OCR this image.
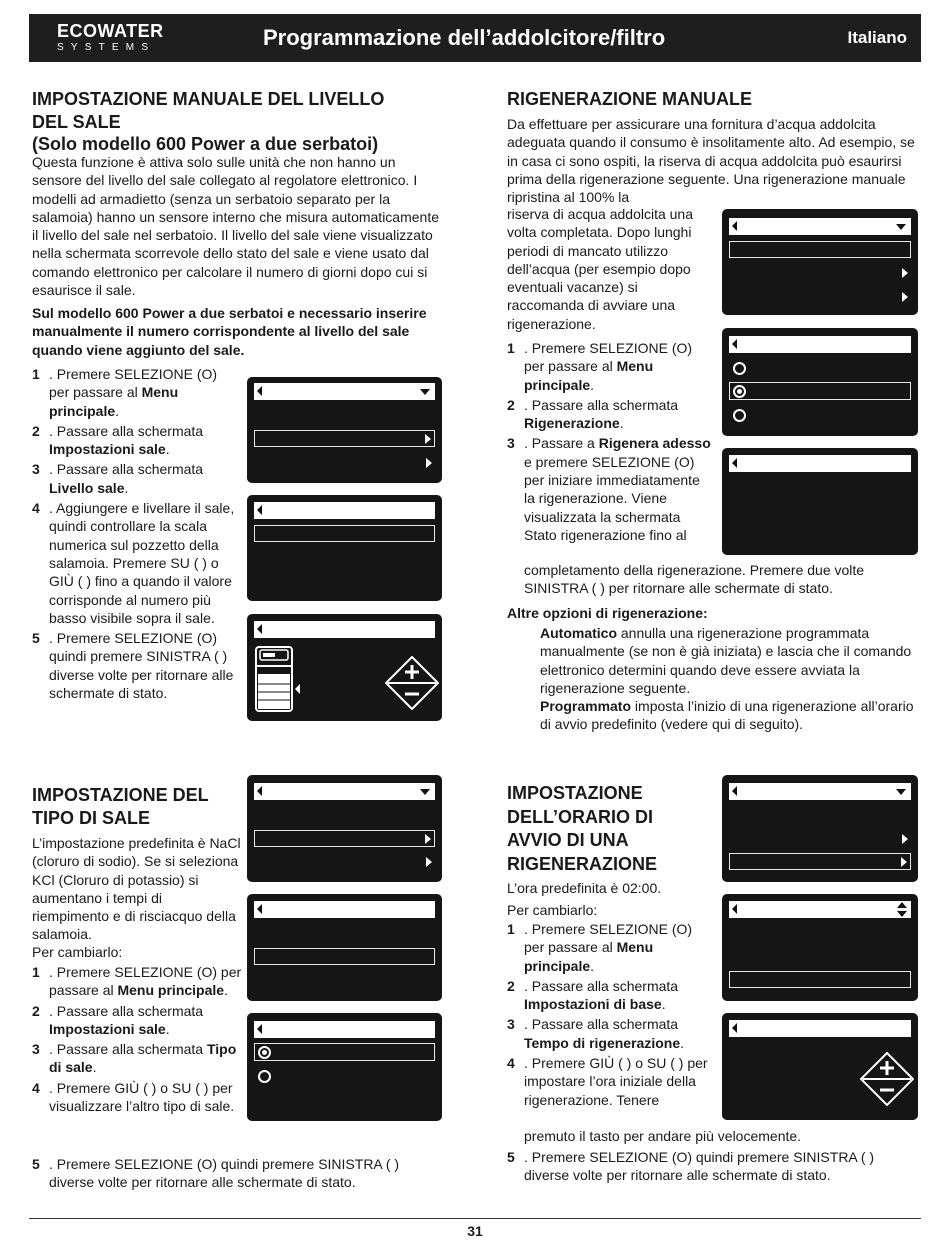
ECOWATER
SYSTEMS	Programmazione dell’addolcitore/filtro	Italiano
IMPOSTAZIONE MANUALE DEL LIVELLO
DEL SALE
(Solo modello 600 Power a due serbatoi)
Questa funzione è attiva solo sulle unità che non hanno un sensore del livello del sale collegato al regolatore elettronico. I modelli ad armadietto (senza un serbatoio separato per la salamoia) hanno un sensore interno che misura automaticamente il livello del sale nel serbatoio. Il livello del sale viene visualizzato nella schermata scorrevole dello stato del sale e viene usato dal comando elettronico per calcolare il numero di giorni dopo cui si esaurisce il sale.
Sul modello 600 Power a due serbatoi e necessario inserire manualmente il numero corrispondente al livello del sale quando viene aggiunto del sale.
1 . Premere SELEZIONE (O) per passare al Menu principale.
2 . Passare alla schermata Impostazioni sale.
3 . Passare alla schermata Livello sale.
4 . Aggiungere e livellare il sale, quindi controllare la scala numerica sul pozzetto della salamoia. Premere SU ( ) o GIÙ ( ) fino a quando il valore corrisponde al numero più basso visibile sopra il sale.
5 . Premere SELEZIONE (O) quindi premere SINISTRA ( ) diverse volte per ritornare alle schermate di stato.
RIGENERAZIONE MANUALE
Da effettuare per assicurare una fornitura d’acqua addolcita adeguata quando il consumo è insolitamente alto. Ad esempio, se in casa ci sono ospiti, la riserva di acqua addolcita può esaurirsi prima della rigenerazione seguente. Una rigenerazione manuale ripristina al 100% la
riserva di acqua addolcita una volta completata. Dopo lunghi periodi di mancato utilizzo dell’acqua (per esempio dopo eventuali vacanze) si raccomanda di avviare una rigenerazione.
1 . Premere SELEZIONE (O) per passare al Menu principale.
2 . Passare alla schermata Rigenerazione.
3 . Passare a Rigenera adesso e premere SELEZIONE (O) per iniziare immediatamente la rigenerazione. Viene visualizzata la schermata Stato rigenerazione fino al
completamento della rigenerazione. Premere due volte SINISTRA ( ) per ritornare alle schermate di stato.
Altre opzioni di rigenerazione:
Automatico annulla una rigenerazione programmata manualmente (se non è già iniziata) e lascia che il comando elettronico determini quando deve essere avviata la rigenerazione seguente.
Programmato imposta l’inizio di una rigenerazione all’orario di avvio predefinito (vedere qui di seguito).
IMPOSTAZIONE DEL
TIPO DI SALE
L’impostazione predefinita è NaCl (cloruro di sodio). Se si seleziona KCl (Cloruro di potassio) si aumentano i tempi di riempimento e di risciacquo della salamoia.
Per cambiarlo:
1 . Premere SELEZIONE (O) per passare al Menu principale.
2 . Passare alla schermata Impostazioni sale.
3 . Passare alla schermata Tipo di sale.
4 . Premere GIÙ ( ) o SU ( ) per visualizzare l’altro tipo di sale.
5 . Premere SELEZIONE (O) quindi premere SINISTRA ( ) diverse volte per ritornare alle schermate di stato.
IMPOSTAZIONE
DELL’ORARIO DI
AVVIO DI UNA
RIGENERAZIONE
L’ora predefinita è 02:00.
Per cambiarlo:
1 . Premere SELEZIONE (O) per passare al Menu principale.
2 . Passare alla schermata Impostazioni di base.
3 . Passare alla schermata Tempo di rigenerazione.
4 . Premere GIÙ ( ) o SU ( ) per impostare l’ora iniziale della rigenerazione. Tenere
premuto il tasto per andare più velocemente.
5 . Premere SELEZIONE (O) quindi premere SINISTRA ( ) diverse volte per ritornare alle schermate di stato.
31
